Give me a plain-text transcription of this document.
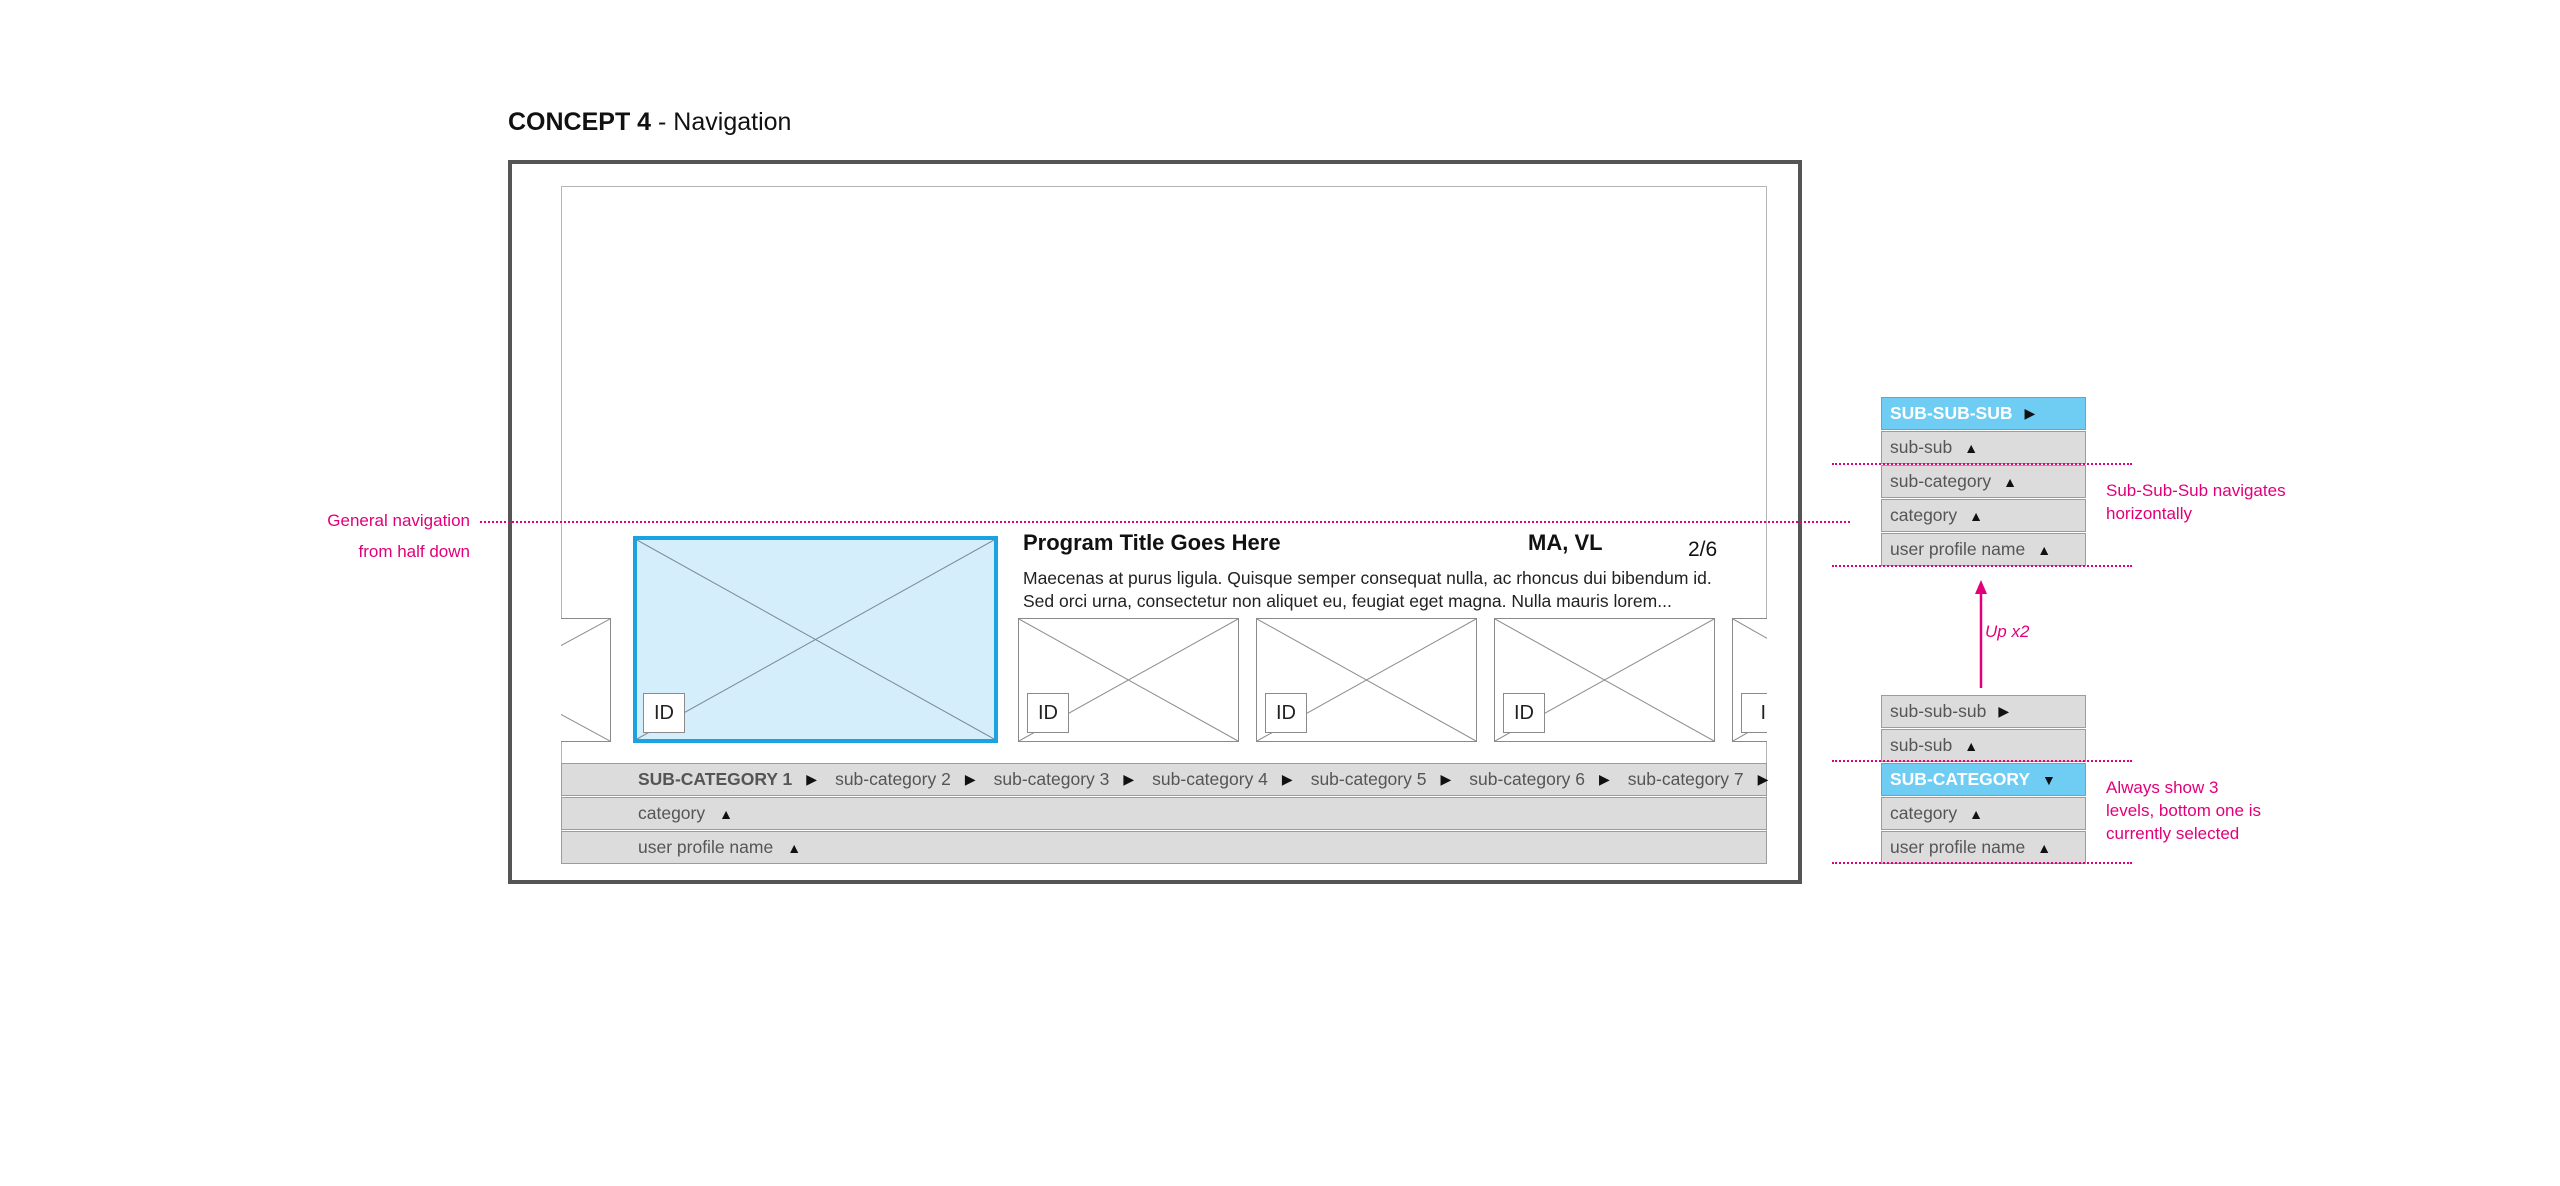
CONCEPT 4 - Navigation
ID
Program Title Goes Here	MA, VL	2/6
Maecenas at purus ligula. Quisque semper consequat nulla, ac rhoncus dui bibendum id. Sed orci urna, consectetur non aliquet eu, feugiat eget magna. Nulla mauris lorem...
ID	ID	ID	I
SUB-CATEGORY 1 ▶ sub-category 2 ▶ sub-category 3 ▶ sub-category 4 ▶ sub-category 5 ▶ sub-category 6 ▶ sub-category 7 ▶
category ▲
user profile name ▲
SUB-SUB-SUB ▶
sub-sub ▲
sub-category ▲
category ▲
user profile name ▲
sub-sub-sub ▶
sub-sub ▲
SUB-CATEGORY ▼
category ▲
user profile name ▲
General navigation
from half down
Sub-Sub-Sub navigates
horizontally
Up x2
Always show 3
levels, bottom one is
currently selected
